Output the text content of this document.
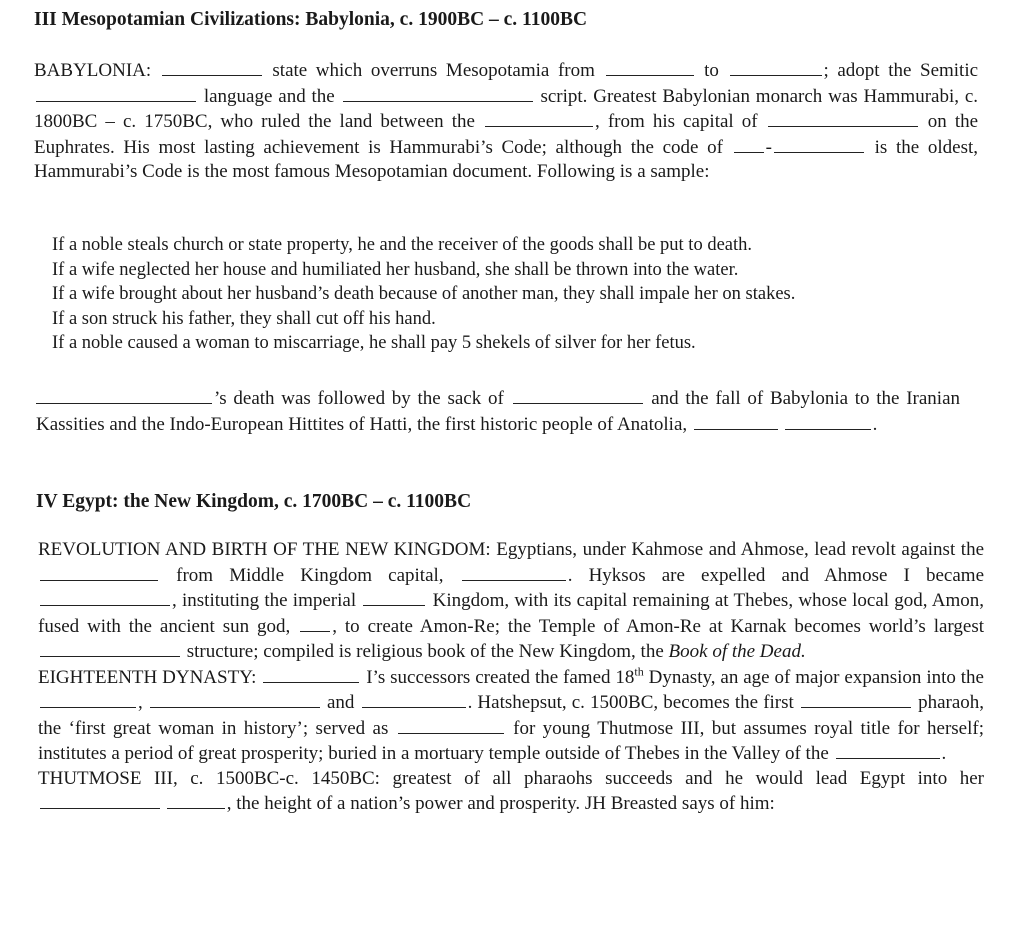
III Mesopotamian Civilizations: Babylonia, c. 1900BC – c. 1100BC
BABYLONIA:	state which overruns Mesopotamia from	to	; adopt the Semitic  language and the	script. Greatest Babylonian monarch was Hammurabi, c. 1800BC – c. 1750BC, who ruled the land between the	, from his capital of	on the Euphrates. His most lasting achievement is Hammurabi’s Code; although the code of -	is the oldest, Hammurabi’s Code is the most famous Mesopotamian document. Following is a sample:
If a noble steals church or state property, he and the receiver of the goods shall be put to death.
If a wife neglected her house and humiliated her husband, she shall be thrown into the water.
If a wife brought about her husband’s death because of another man, they shall impale her on stakes.
If a son struck his father, they shall cut off his hand.
If a noble caused a woman to miscarriage, he shall pay 5 shekels of silver for her fetus.
’s death was followed by the sack of	and the fall of Babylonia to the Iranian Kassities and the Indo-European Hittites of Hatti, the first historic people of Anatolia,	.
IV Egypt: the New Kingdom, c. 1700BC – c. 1100BC
REVOLUTION AND BIRTH OF THE NEW KINGDOM: Egyptians, under Kahmose and Ahmose, lead revolt against the  from Middle Kingdom capital,	. Hyksos are expelled and Ahmose I became , instituting the imperial	Kingdom, with its capital remaining at Thebes, whose local god, Amon, fused with the ancient sun god, , to create Amon-Re; the Temple of Amon-Re at Karnak becomes world’s largest  structure; compiled is religious book of the New Kingdom, the Book of the Dead.
EIGHTEENTH DYNASTY:	I’s successors created the famed 18th Dynasty, an age of major expansion into the ,	and	. Hatshepsut, c. 1500BC, becomes the first	pharaoh, the ‘first great woman in history’; served as	for young Thutmose III, but assumes royal title for herself; institutes a period of great prosperity; buried in a mortuary temple outside of Thebes in the Valley of the	.
THUTMOSE III, c. 1500BC-c. 1450BC: greatest of all pharaohs succeeds and he would lead Egypt into her  , the height of a nation’s power and prosperity. JH Breasted says of him:
